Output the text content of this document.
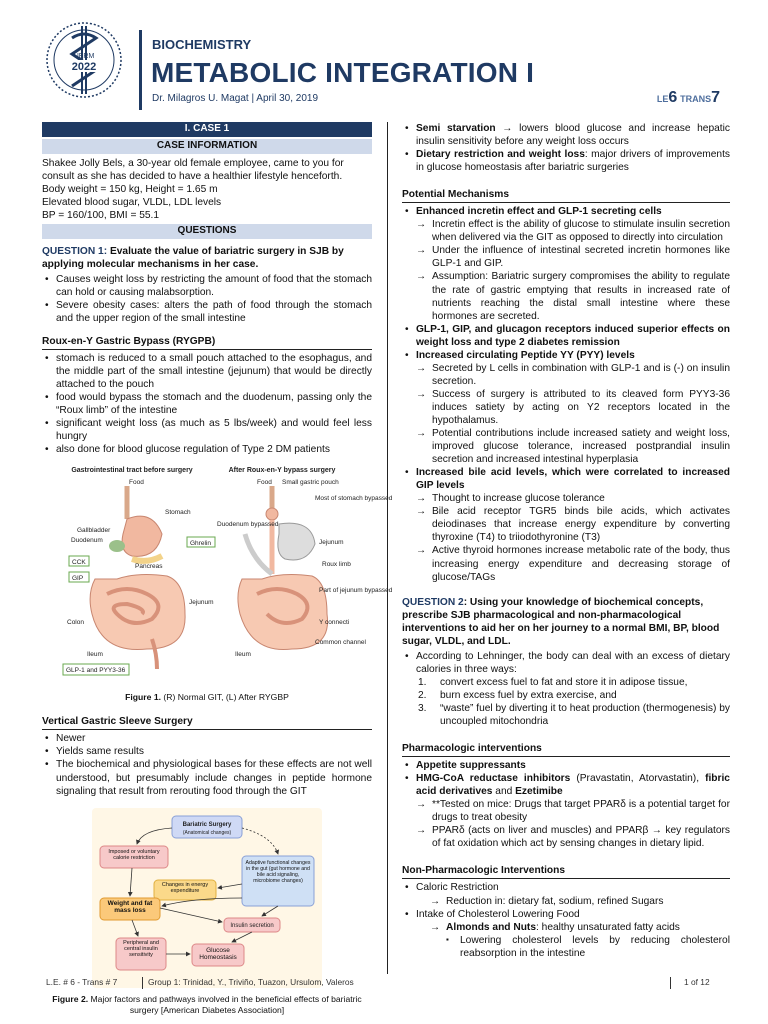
UERM
2022
BIOCHEMISTRY
METABOLIC INTEGRATION I
Dr. Milagros U. Magat | April 30, 2019	LE6 TRANS7
I. CASE 1
CASE INFORMATION
Shakee Jolly Bels, a 30-year old female employee, came to you for consult as she has decided to have a healthier lifestyle henceforth.
Body weight = 150 kg, Height = 1.65 m
Elevated blood sugar, VLDL, LDL levels
BP = 160/100, BMI = 55.1
QUESTIONS
QUESTION 1: Evaluate the value of bariatric surgery in SJB by applying molecular mechanisms in her case.
• Causes weight loss by restricting the amount of food that the stomach can hold or causing malabsorption.
• Severe obesity cases: alters the path of food through the stomach and the upper region of the small intestine
Roux-en-Y Gastric Bypass (RYGPB)
• stomach is reduced to a small pouch attached to the esophagus, and the middle part of the small intestine (jejunum) that would be directly attached to the pouch
• food would bypass the stomach and the duodenum, passing only the “Roux limb” of the intestine
• significant weight loss (as much as 5 lbs/week) and would feel less hungry
• also done for blood glucose regulation of Type 2 DM patients
Gastrointestinal tract before surgery	After Roux-en-Y bypass surgery
Food
Stomach
Gallbladder
Duodenum
Pancreas
Ghrelin
CCK
GIP
Jejunum
Colon
Ileum
GLP-1 and PYY3-36
Food Small gastric pouch
Most of stomach bypassed
Duodenum bypassed
Jejunum
Roux limb
Part of jejunum bypassed
Y connecti
Ileum
Common channel
Figure 1. (R) Normal GIT, (L) After RYGBP
Vertical Gastric Sleeve Surgery
• Newer
• Yields same results
• The biochemical and physiological bases for these effects are not well understood, but presumably include changes in peptide hormone signaling that result from rerouting food through the GIT
Bariatric Surgery
(Anatomical changes)
Imposed or voluntary calorie restriction
Adaptive functional changes in the gut (gut hormone and bile acid signaling, microbiome changes)
Changes in energy expenditure
Weight and fat mass loss
Insulin secretion
Peripheral and central insulin sensitivity
Glucose Homeostasis
Figure 2. Major factors and pathways involved in the beneficial effects of bariatric surgery [American Diabetes Association]
• Semi starvation → lowers blood glucose and increase hepatic insulin sensitivity before any weight loss occurs
• Dietary restriction and weight loss: major drivers of improvements in glucose homeostasis after bariatric surgeries
Potential Mechanisms
• Enhanced incretin effect and GLP-1 secreting cells
→ Incretin effect is the ability of glucose to stimulate insulin secretion when delivered via the GIT as opposed to directly into circulation
→ Under the influence of intestinal secreted incretin hormones like GLP-1 and GIP.
→ Assumption: Bariatric surgery compromises the ability to regulate the rate of gastric emptying that results in increased rate of nutrients reaching the distal small intestine where these hormones are secreted.
• GLP-1, GIP, and glucagon receptors induced superior effects on weight loss and type 2 diabetes remission
• Increased circulating Peptide YY (PYY) levels
→ Secreted by L cells in combination with GLP-1 and is (-) on insulin secretion.
→ Success of surgery is attributed to its cleaved form PYY3-36 induces satiety by acting on Y2 receptors located in the hypothalamus.
→ Potential contributions include increased satiety and weight loss, improved glucose tolerance, increased postprandial insulin secretion and increased intestinal hyperplasia
• Increased bile acid levels, which were correlated to increased GIP levels
→ Thought to increase glucose tolerance
→ Bile acid receptor TGR5 binds bile acids, which activates deiodinases that increase energy expenditure by converting thyroxine (T4) to triiodothyronine (T3)
→ Active thyroid hormones increase metabolic rate of the body, thus increasing energy expenditure and decreasing storage of glucose/TAGs
QUESTION 2: Using your knowledge of biochemical concepts, prescribe SJB pharmacological and non-pharmacological interventions to aid her on her journey to a normal BMI, BP, blood sugar, VLDL, and LDL.
• According to Lehninger, the body can deal with an excess of dietary calories in three ways:
1. convert excess fuel to fat and store it in adipose tissue,
2. burn excess fuel by extra exercise, and
3. “waste” fuel by diverting it to heat production (thermogenesis) by uncoupled mitochondria
Pharmacologic interventions
• Appetite suppressants
• HMG-CoA reductase inhibitors (Pravastatin, Atorvastatin), fibric acid derivatives and Ezetimibe
→ **Tested on mice: Drugs that target PPARδ is a potential target for drugs to treat obesity
→ PPARδ (acts on liver and muscles) and PPARβ → key regulators of fat oxidation which act by sensing changes in dietary lipid.
Non-Pharmacologic Interventions
• Caloric Restriction
→ Reduction in: dietary fat, sodium, refined Sugars
• Intake of Cholesterol Lowering Food
→ Almonds and Nuts: healthy unsaturated fatty acids
▪ Lowering cholesterol levels by reducing cholesterol reabsorption in the intestine
L.E. # 6 - Trans # 7	Group 1: Trinidad, Y., Triviño, Tuazon, Ursulom, Valeros	1 of 12
